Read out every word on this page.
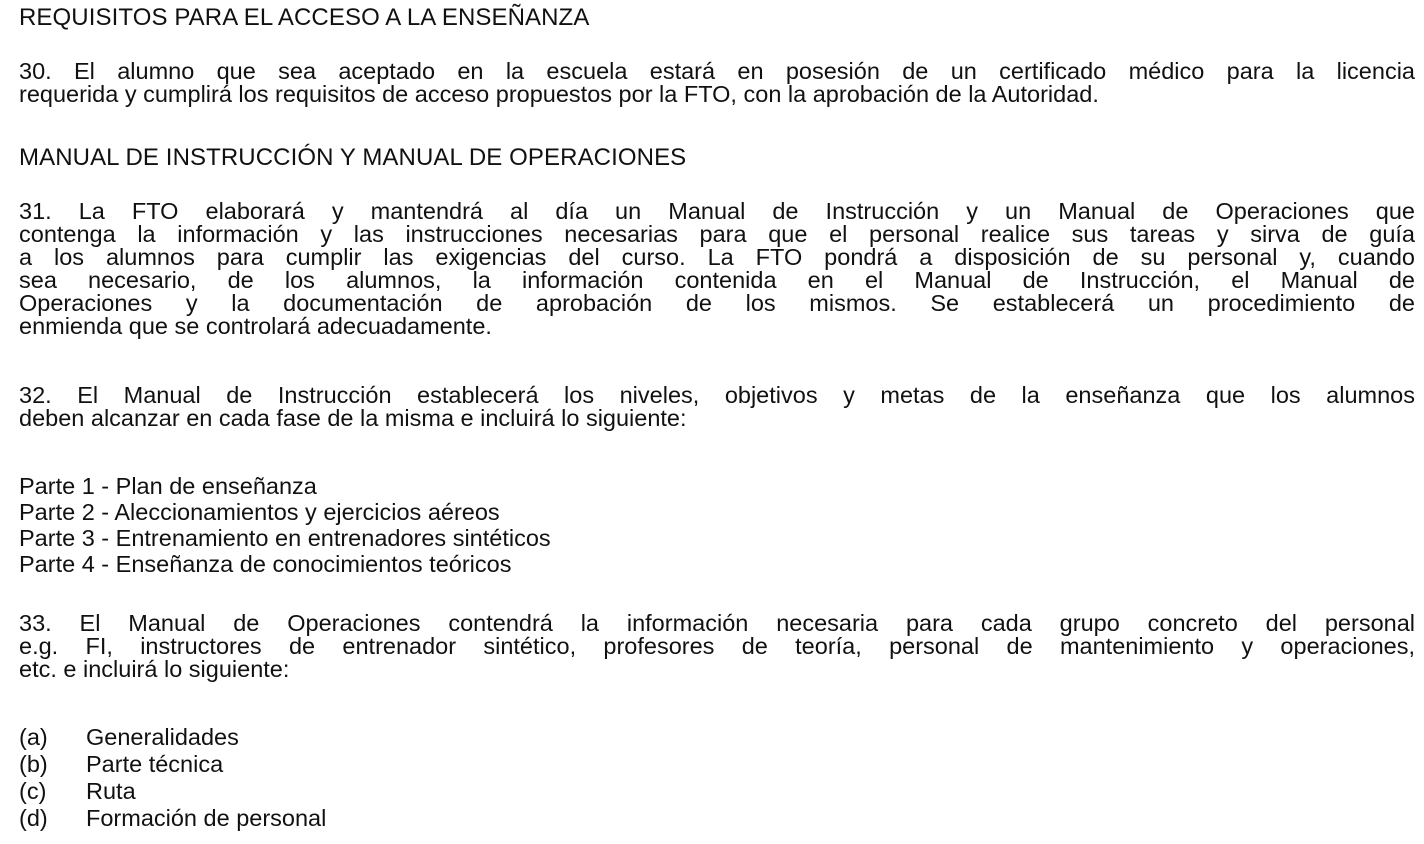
REQUISITOS PARA EL ACCESO A LA ENSEÑANZA
30. El alumno que sea aceptado en la escuela estará en posesión de un certificado médico para la licencia
requerida y cumplirá los requisitos de acceso propuestos por la FTO, con la aprobación de la Autoridad.
MANUAL DE INSTRUCCIÓN Y MANUAL DE OPERACIONES
31. La FTO elaborará y mantendrá al día un Manual de Instrucción y un Manual de Operaciones que
contenga la información y las instrucciones necesarias para que el personal realice sus tareas y sirva de guía
a los alumnos para cumplir las exigencias del curso. La FTO pondrá a disposición de su personal y, cuando
sea necesario, de los alumnos, la información contenida en el Manual de Instrucción, el Manual de
Operaciones y la documentación de aprobación de los mismos. Se establecerá un procedimiento de
enmienda que se controlará adecuadamente.
32. El Manual de Instrucción establecerá los niveles, objetivos y metas de la enseñanza que los alumnos
deben alcanzar en cada fase de la misma e incluirá lo siguiente:
Parte 1 - Plan de enseñanza
Parte 2 - Aleccionamientos y ejercicios aéreos
Parte 3 - Entrenamiento en entrenadores sintéticos
Parte 4 - Enseñanza de conocimientos teóricos
33. El Manual de Operaciones contendrá la información necesaria para cada grupo concreto del personal
e.g. FI, instructores de entrenador sintético, profesores de teoría, personal de mantenimiento y operaciones,
etc. e incluirá lo siguiente:
(a) Generalidades
(b) Parte técnica
(c) Ruta
(d) Formación de personal
